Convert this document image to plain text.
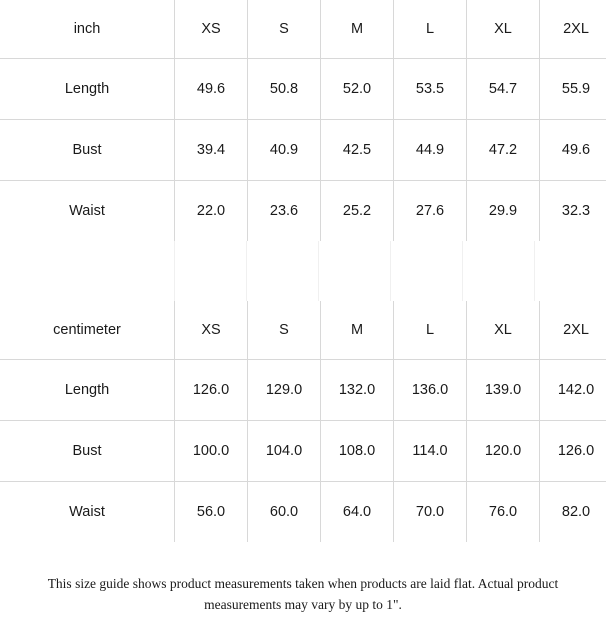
inch	XS	S	M	L	XL	2XL
Length	49.6	50.8	52.0	53.5	54.7	55.9
Bust	39.4	40.9	42.5	44.9	47.2	49.6
Waist	22.0	23.6	25.2	27.6	29.9	32.3
centimeter	XS	S	M	L	XL	2XL
Length	126.0	129.0	132.0	136.0	139.0	142.0
Bust	100.0	104.0	108.0	114.0	120.0	126.0
Waist	56.0	60.0	64.0	70.0	76.0	82.0
This size guide shows product measurements taken when products are laid flat. Actual product measurements may vary by up to 1".
